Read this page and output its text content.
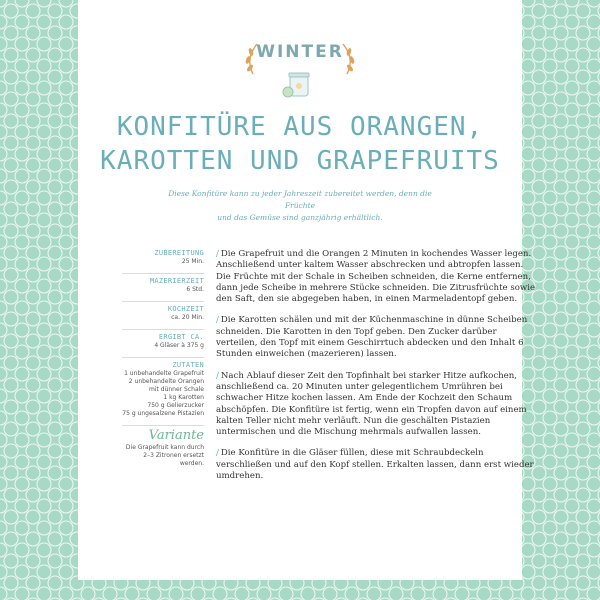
WINTER
KONFITÜRE AUS ORANGEN,
KAROTTEN UND GRAPEFRUITS

Diese Konfitüre kann zu jeder Jahreszeit zubereitet werden, denn die Früchte
und das Gemüse sind ganzjährig erhältlich.

ZUBEREITUNG
25 Min.
MAZERIERZEIT
6 Std.
KOCHZEIT
ca. 20 Min.
ERGIBT CA.
4 Gläser à 375 g
ZUTATEN
1 unbehandelte Grapefruit
2 unbehandelte Orangen
mit dünner Schale
1 kg Karotten
750 g Gelierzucker
75 g ungesalzene Pistazien
Variante
Die Grapefruit kann durch
2–3 Zitronen ersetzt
werden.

/ Die Grapefruit und die Orangen 2 Minuten in kochendes Wasser legen. Anschließend unter kaltem Wasser abschrecken und abtropfen lassen. Die Früchte mit der Schale in Scheiben schneiden, die Kerne entfernen, dann jede Scheibe in mehrere Stücke schneiden. Die Zitrusfrüchte sowie den Saft, den sie abgegeben haben, in einen Marmeladentopf geben.

/ Die Karotten schälen und mit der Küchenmaschine in dünne Scheiben schneiden. Die Karotten in den Topf geben. Den Zucker darüber verteilen, den Topf mit einem Geschirrtuch abdecken und den Inhalt 6 Stunden einweichen (mazerieren) lassen.

/ Nach Ablauf dieser Zeit den Topfinhalt bei starker Hitze aufkochen, anschließend ca. 20 Minuten unter gelegentlichem Umrühren bei schwacher Hitze kochen lassen. Am Ende der Kochzeit den Schaum abschöpfen. Die Konfitüre ist fertig, wenn ein Tropfen davon auf einem kalten Teller nicht mehr verläuft. Nun die geschälten Pistazien untermischen und die Mischung mehrmals aufwallen lassen.

/ Die Konfitüre in die Gläser füllen, diese mit Schraubdeckeln verschließen und auf den Kopf stellen. Erkalten lassen, dann erst wieder umdrehen.
